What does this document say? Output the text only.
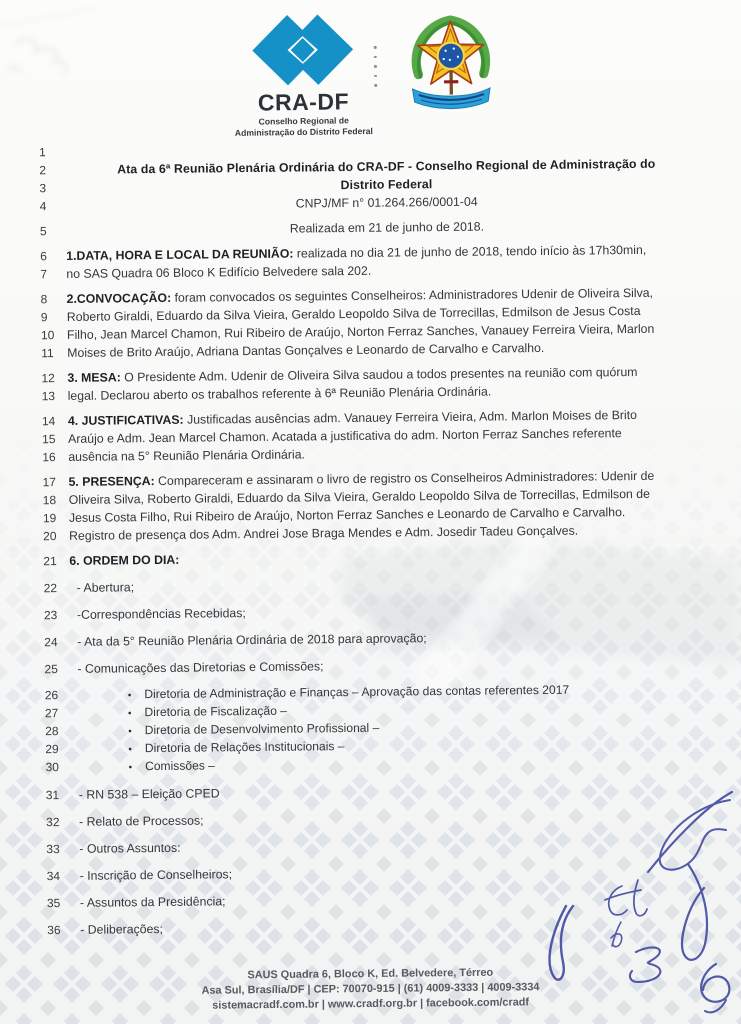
CRA-DF
Conselho Regional de
Administração do Distrito Federal
1
2	Ata da 6ª Reunião Plenária Ordinária do CRA-DF - Conselho Regional de Administração do
3	Distrito Federal
4	CNPJ/MF n° 01.264.266/0001-04
5	Realizada em 21 de junho de 2018.
6	1.DATA, HORA E LOCAL DA REUNIÃO: realizada no dia 21 de junho de 2018, tendo início às 17h30min,
7	no SAS Quadra 06 Bloco K Edifício Belvedere sala 202.
8	2.CONVOCAÇÃO: foram convocados os seguintes Conselheiros: Administradores Udenir de Oliveira Silva,
9	Roberto Giraldi, Eduardo da Silva Vieira, Geraldo Leopoldo Silva de Torrecillas, Edmilson de Jesus Costa
10	Filho, Jean Marcel Chamon, Rui Ribeiro de Araújo, Norton Ferraz Sanches, Vanauey Ferreira Vieira, Marlon
11	Moises de Brito Araújo, Adriana Dantas Gonçalves e Leonardo de Carvalho e Carvalho.
12	3. MESA: O Presidente Adm. Udenir de Oliveira Silva saudou a todos presentes na reunião com quórum
13	legal. Declarou aberto os trabalhos referente à 6ª Reunião Plenária Ordinária.
14	4. JUSTIFICATIVAS: Justificadas ausências adm. Vanauey Ferreira Vieira, Adm. Marlon Moises de Brito
15	Araújo e Adm. Jean Marcel Chamon. Acatada a justificativa do adm. Norton Ferraz Sanches referente
16	ausência na 5° Reunião Plenária Ordinária.
17	5. PRESENÇA: Compareceram e assinaram o livro de registro os Conselheiros Administradores: Udenir de
18	Oliveira Silva, Roberto Giraldi, Eduardo da Silva Vieira, Geraldo Leopoldo Silva de Torrecillas, Edmilson de
19	Jesus Costa Filho, Rui Ribeiro de Araújo, Norton Ferraz Sanches e Leonardo de Carvalho e Carvalho.
20	Registro de presença dos Adm. Andrei Jose Braga Mendes e Adm. Josedir Tadeu Gonçalves.
21	6. ORDEM DO DIA:
22	- Abertura;
23	-Correspondências Recebidas;
24	- Ata da 5° Reunião Plenária Ordinária de 2018 para aprovação;
25	- Comunicações das Diretorias e Comissões;
26	• Diretoria de Administração e Finanças – Aprovação das contas referentes 2017
27	• Diretoria de Fiscalização –
28	• Diretoria de Desenvolvimento Profissional –
29	• Diretoria de Relações Institucionais –
30	• Comissões –
31	- RN 538 – Eleição CPED
32	- Relato de Processos;
33	- Outros Assuntos:
34	- Inscrição de Conselheiros;
35	- Assuntos da Presidência;
36	- Deliberações;
SAUS Quadra 6, Bloco K, Ed. Belvedere, Térreo
Asa Sul, Brasília/DF | CEP: 70070-915 | (61) 4009-3333 | 4009-3334
sistemacradf.com.br | www.cradf.org.br | facebook.com/cradf
